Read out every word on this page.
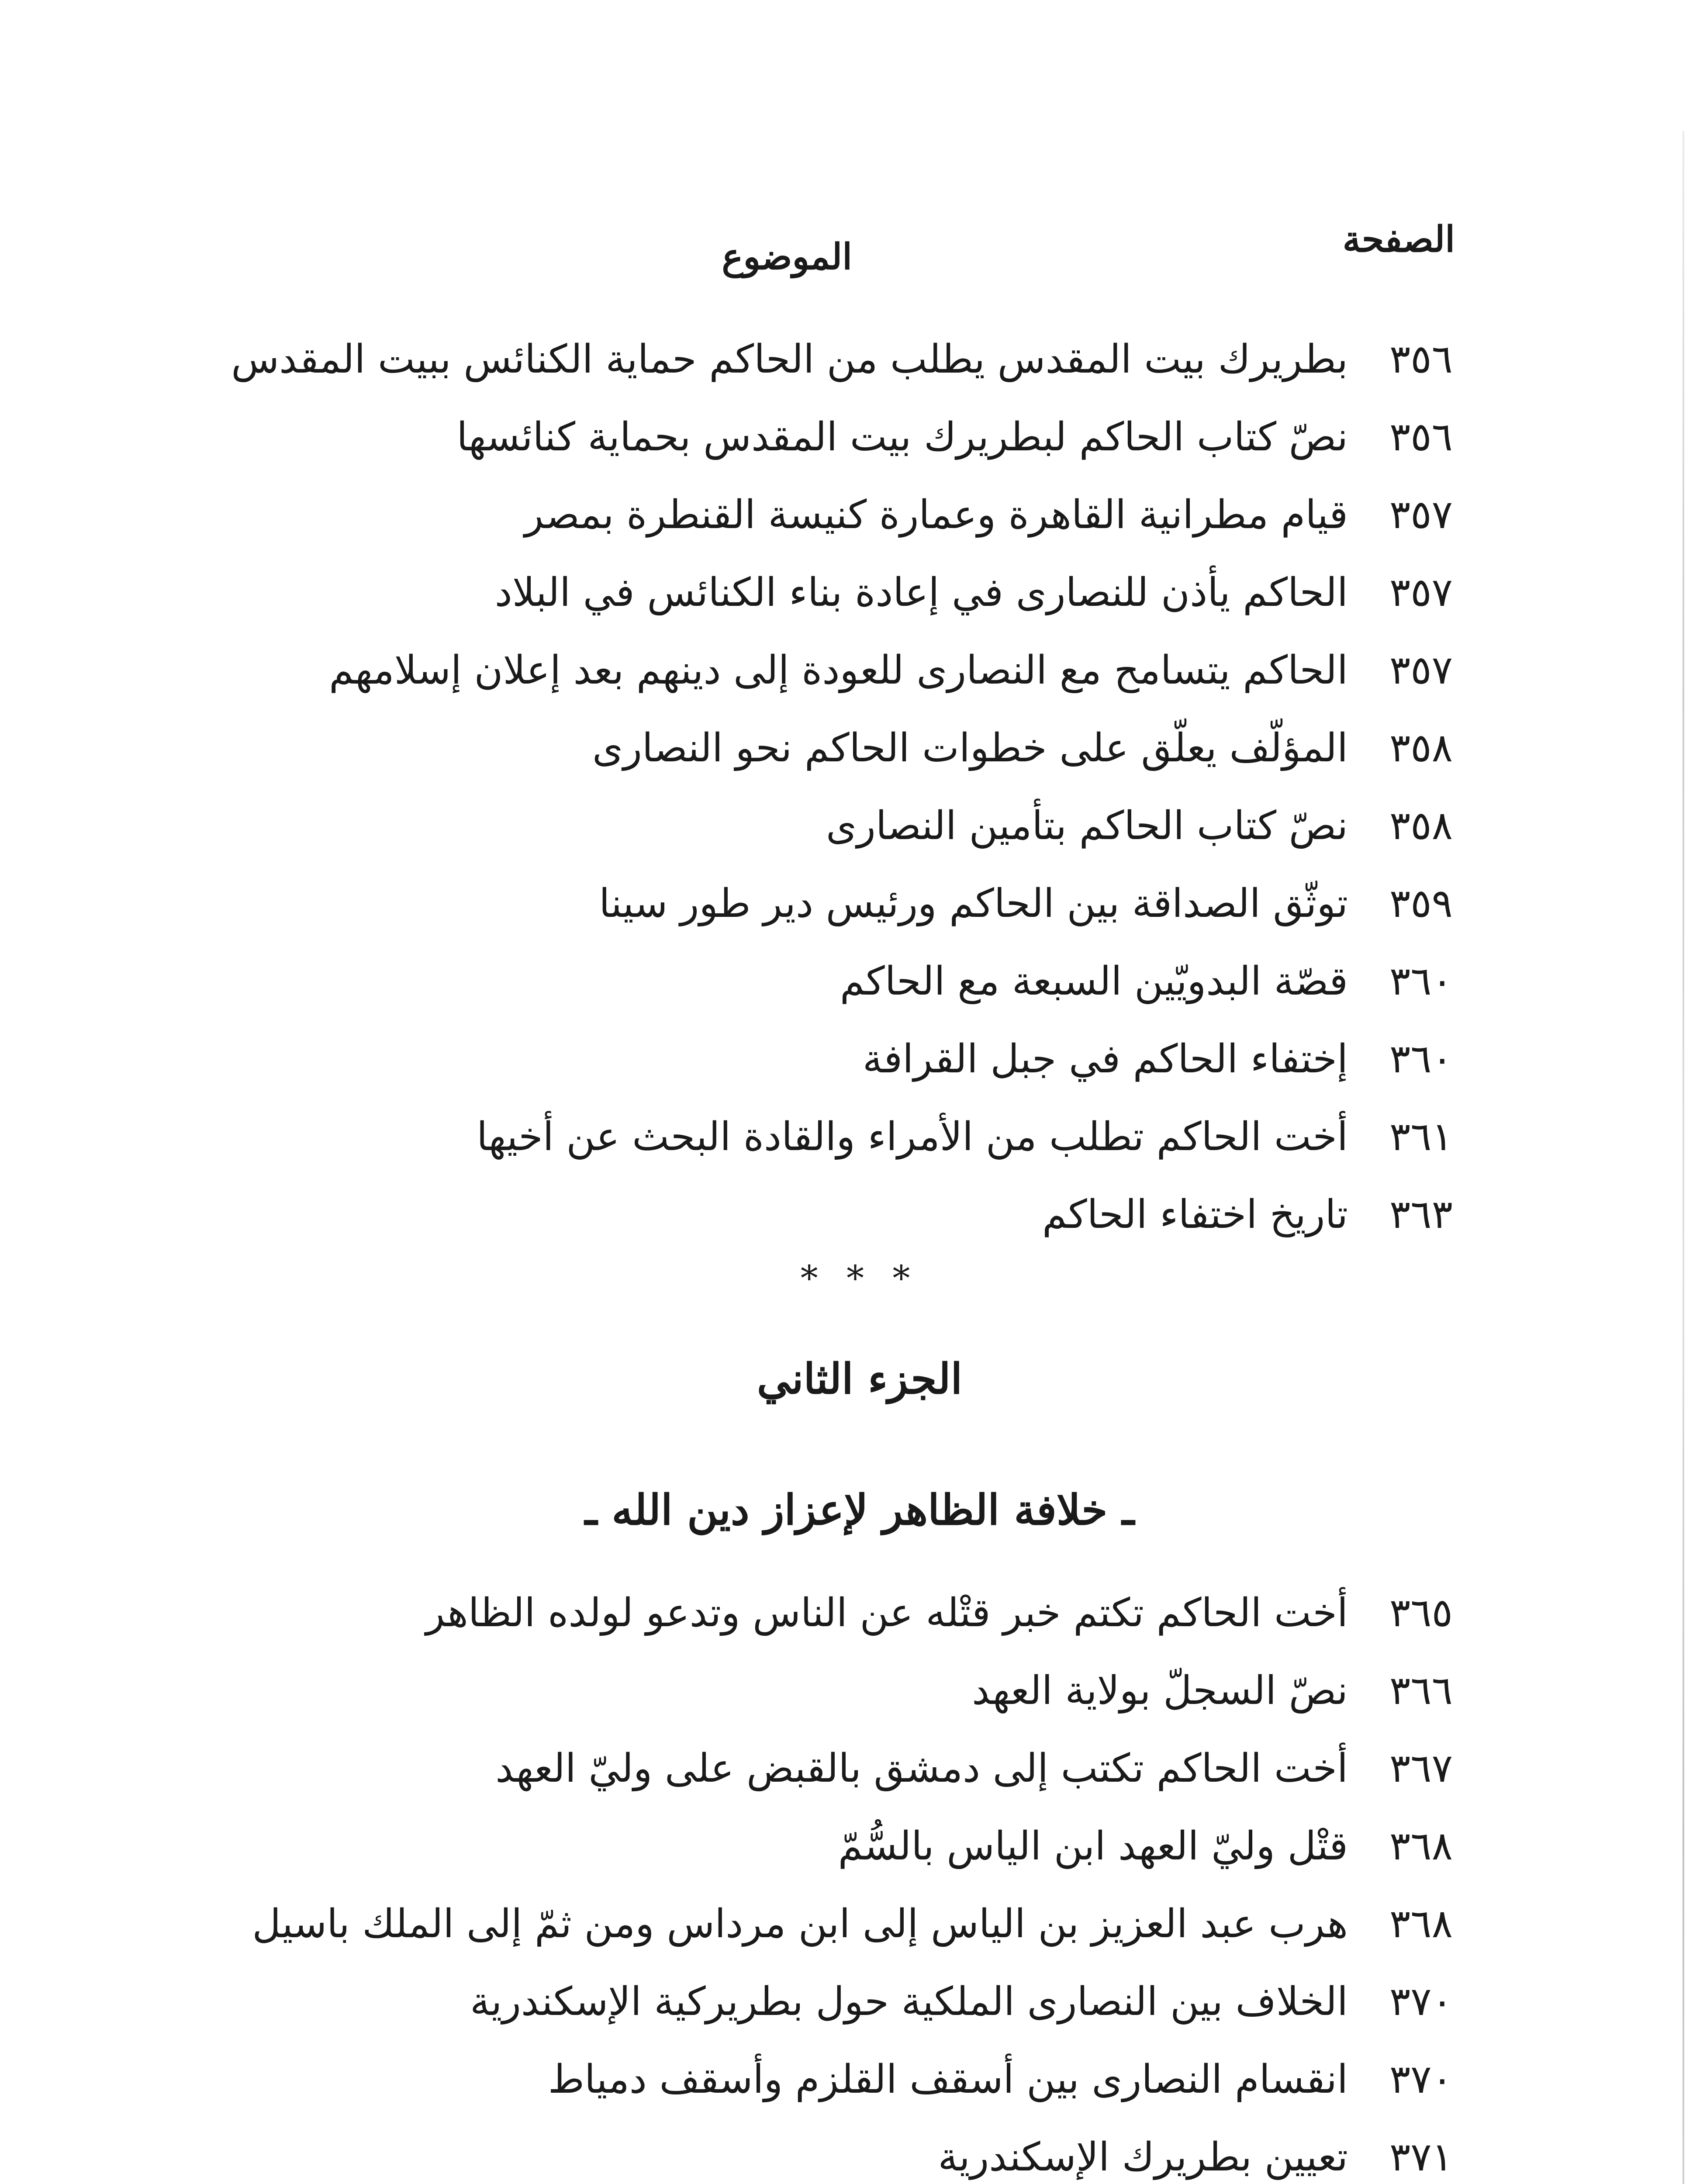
الصفحة
الموضوع
٣٥٦
بطريرك بيت المقدس يطلب من الحاكم حماية الكنائس ببيت المقدس
٣٥٦
نصّ كتاب الحاكم لبطريرك بيت المقدس بحماية كنائسها
٣٥٧
قيام مطرانية القاهرة وعمارة كنيسة القنطرة بمصر
٣٥٧
الحاكم يأذن للنصارى في إعادة بناء الكنائس في البلاد
٣٥٧
الحاكم يتسامح مع النصارى للعودة إلى دينهم بعد إعلان إسلامهم
٣٥٨
المؤلّف يعلّق على خطوات الحاكم نحو النصارى
٣٥٨
نصّ كتاب الحاكم بتأمين النصارى
٣٥٩
توثّق الصداقة بين الحاكم ورئيس دير طور سينا
٣٦٠
قصّة البدويّين السبعة مع الحاكم
٣٦٠
إختفاء الحاكم في جبل القرافة
٣٦١
أخت الحاكم تطلب من الأمراء والقادة البحث عن أخيها
٣٦٣
تاريخ اختفاء الحاكم
* * *
الجزء الثاني
ـ خلافة الظاهر لإعزاز دين الله ـ
٣٦٥
أخت الحاكم تكتم خبر قتْله عن الناس وتدعو لولده الظاهر
٣٦٦
نصّ السجلّ بولاية العهد
٣٦٧
أخت الحاكم تكتب إلى دمشق بالقبض على وليّ العهد
٣٦٨
قتْل وليّ العهد ابن الياس بالسُّمّ
٣٦٨
هرب عبد العزيز بن الياس إلى ابن مرداس ومن ثمّ إلى الملك باسيل
٣٧٠
الخلاف بين النصارى الملكية حول بطريركية الإسكندرية
٣٧٠
انقسام النصارى بين أسقف القلزم وأسقف دمياط
٣٧١
تعيين بطريرك الإسكندرية
